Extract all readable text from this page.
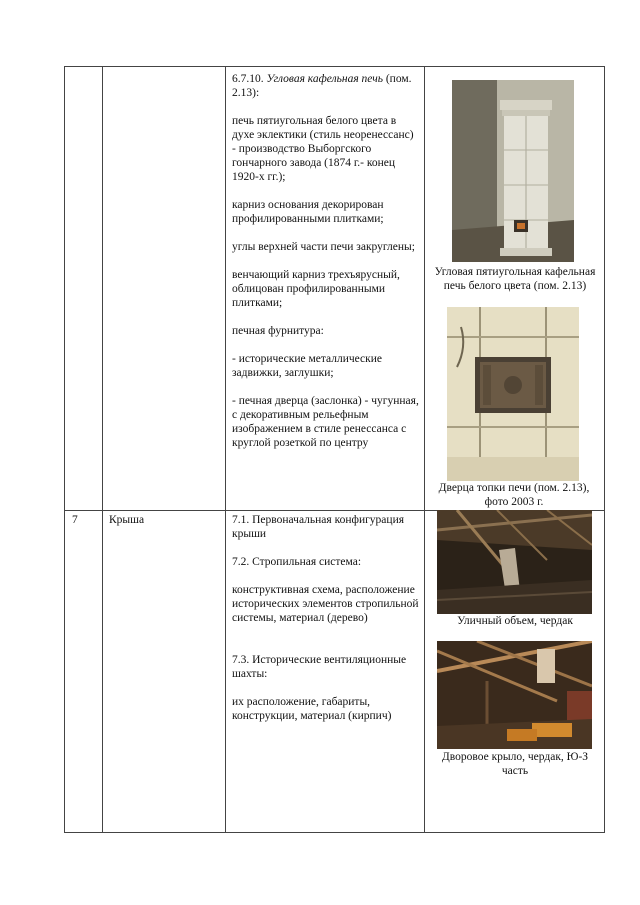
6.7.10. Угловая кафельная печь (пом. 2.13):

печь пятиугольная белого цвета в духе эклектики (стиль неоренессанс) - производство Выборгского гончарного завода (1874 г.- конец 1920-х гг.);

карниз основания декорирован профилированными плитками;

углы верхней части печи закруглены;

венчающий карниз трехъярусный, облицован профилированными плитками;

печная фурнитура:

- исторические металлические задвижки, заглушки;

- печная дверца (заслонка) - чугунная, с декоративным рельефным изображением в стиле ренессанса с круглой розеткой по центру

Угловая пятиугольная кафельная печь белого цвета (пом. 2.13)
Дверца топки печи (пом. 2.13), фото 2003 г.
7	Крыша	7.1. Первоначальная конфигурация крыши

7.2. Стропильная система:

конструктивная схема, расположение исторических элементов стропильной системы, материал (дерево)

7.3. Исторические вентиляционные шахты:

их расположение, габариты, конструкции, материал (кирпич)

Уличный объем, чердак
Дворовое крыло, чердак, Ю-З часть
